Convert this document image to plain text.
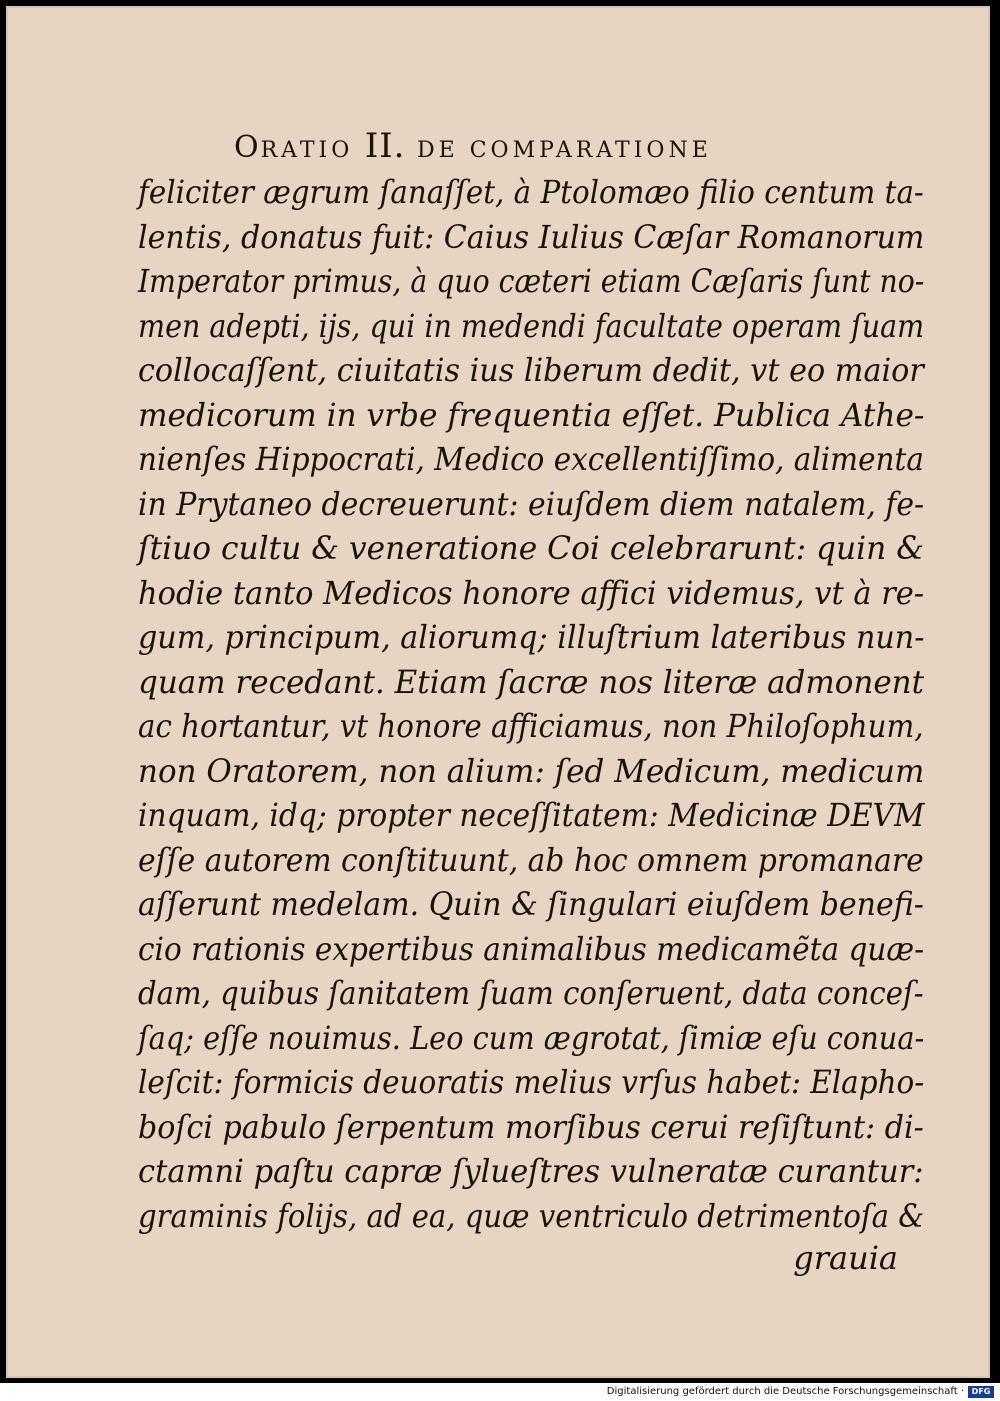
ORATIO II. DE COMPARATIONE
feliciter ægrum ſanaſſet, à Ptolomæo filio centum ta-
lentis, donatus fuit: Caius Iulius Cæſar Romanorum
Imperator primus, à quo cæteri etiam Cæſaris ſunt no-
men adepti, ijs, qui in medendi facultate operam ſuam
collocaſſent, ciuitatis ius liberum dedit, vt eo maior
medicorum in vrbe frequentia eſſet. Publica Athe-
nienſes Hippocrati, Medico excellentiſſimo, alimenta
in Prytaneo decreuerunt: eiuſdem diem natalem, fe-
ſtiuo cultu & veneratione Coi celebrarunt: quin &
hodie tanto Medicos honore affici videmus, vt à re-
gum, principum, aliorumq; illuſtrium lateribus nun-
quam recedant. Etiam ſacræ nos literæ admonent
ac hortantur, vt honore afficiamus, non Philoſophum,
non Oratorem, non alium: ſed Medicum, medicum
inquam, idq; propter neceſſitatem: Medicinæ DEVM
eſſe autorem conſtituunt, ab hoc omnem promanare
aſſerunt medelam. Quin & ſingulari eiuſdem benefi-
cio rationis expertibus animalibus medicamẽta quæ-
dam, quibus ſanitatem ſuam conſeruent, data conceſ-
ſaq; eſſe nouimus. Leo cum ægrotat, ſimiæ eſu conua-
leſcit: formicis deuoratis melius vrſus habet: Elapho-
boſci pabulo ſerpentum morſibus cerui reſiſtunt: di-
ctamni paſtu capræ ſylueſtres vulneratæ curantur:
graminis folijs, ad ea, quæ ventriculo detrimentoſa &
grauia
Digitalisierung gefördert durch die Deutsche Forschungsgemeinschaft · DFG
